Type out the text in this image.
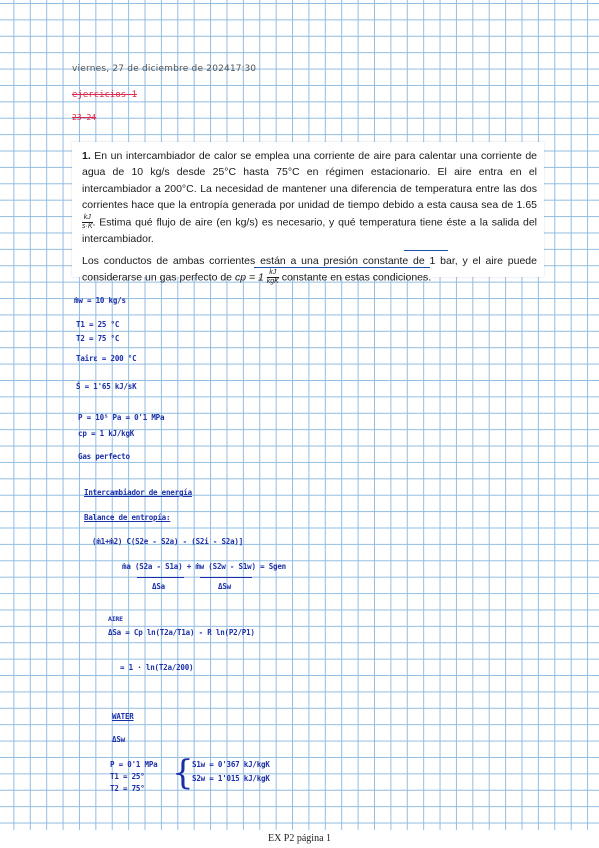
viernes, 27 de diciembre de 2024 17:30
ejercicios 1
23-24

1. En un intercambiador de calor se emplea una corriente de aire para calentar una corriente de agua de 10 kg/s desde 25°C hasta 75°C en régimen estacionario. El aire entra en el intercambiador a 200°C. La necesidad de mantener una diferencia de temperatura entre las dos corrientes hace que la entropía generada por unidad de tiempo debido a esta causa sea de 1.65
$\frac{kJ}{s\cdot K}$ . Estima qué flujo de aire (en kg/s) es necesario, y qué temperatura tiene éste a la salida del intercambiador.

Los conductos de ambas corrientes están a una presión constante de 1 bar, y el aire puede considerarse un gas perfecto de cp = $1 \frac{kJ}{\text{kgK}}$ constante en estas condiciones.

ṁw = 10 kg/s
T1 = 25 °C
T2 = 75 °C
Tairε = 200 °C
Ṡ = 1'65 kJ/sK
P = 10⁵ Pa = 0'1 MPa
cp = 1 kJ/kgK
Gas perfecto
Intercambiador de energía
Balance de entropía:
(ṁ1+ṁ2) C(S2e - S2a) - (S2i - S2a)]
ṁa (S2a - S1a) + ṁw (S2w - S1w) = Sgen
ΔSa	ΔSw
AIRE
ΔSa = Cp ln(T2a/T1a) - R ln(P2/P1)
= 1 · ln(T2a/200)
WATER
ΔSw
P = 0'1 MPa
T1 = 25°
T2 = 75° {
S1w = 0'367 kJ/kgK
S2w = 1'015 kJ/kgK
EX P2 página 1
